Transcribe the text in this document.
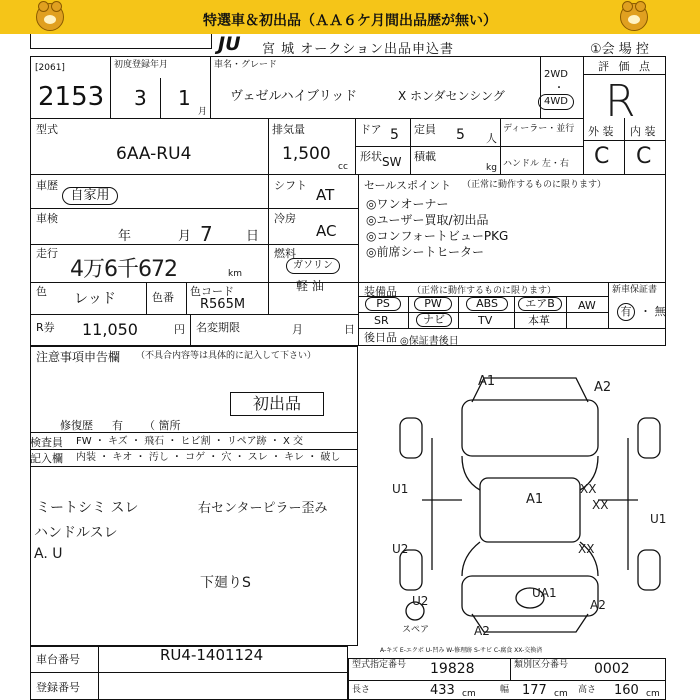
特選車＆初出品（ＡＡ６ケ月間出品歴が無い）
JU 宮 城 オークション出品申込書	①会 場 控
[2061]
2153
初度登録年月
3 1
月
車名・グレード
ヴェゼルハイブリッド	X ホンダセンシング
2WD
・
4WD
評 価 点
R
型式
6AA-RU4
排気量
1,500
cc
ドア 5 定員 5 人
ディーラー・並行
形状 SW 積載
kg ハンドル 左・右
外 装 内 装
C C
車歴
自家用
シフト
AT
セールスポイント （正常に動作するものに限ります）
◎ワンオーナー
◎ユーザー買取/初出品
◎コンフォートビューPKG
◎前席シートヒーター
車検
年	月 7	日
冷房
AC
走行
4万6千672	km
燃料
ガソリン
軽 油
色 レッド	色番 色コード
R565M
装備品 （正常に動作するものに限ります）
PS	PW	ABS	エアB	AW
SR	ナビ	TV	本革
新車保証書
有 ・ 無
R券 11,050	円 名変期限	月	日
後日品 ◎保証書後日
注意事項申告欄 （不具合内容等は具体的に記入して下さい）
初出品
修復歴 有 （ 箇所
検査員 FW ・ キズ ・ 飛石 ・ ヒビ割 ・ リペア跡 ・ X 交
記入欄 内装 ・ キオ ・ 汚し ・ コゲ ・ 穴 ・ スレ ・ キレ ・ 破し
ミートシミ スレ
ハンドルスレ
A. U
右センターピラー歪み
下廻りS
A1	A2
U1	XX
A1	XX
U1
U2	XX
U2	A2
UA1
A2
スペア
車台番号	RU4-1401124
登録番号
A-キズ E-エクボ U-凹み W-修理跡 S-サビ C-腐食 XX-交換済
型式指定番号 19828	類別区分番号 0002
長さ	433 cm	幅 177 cm 高さ 160 cm
